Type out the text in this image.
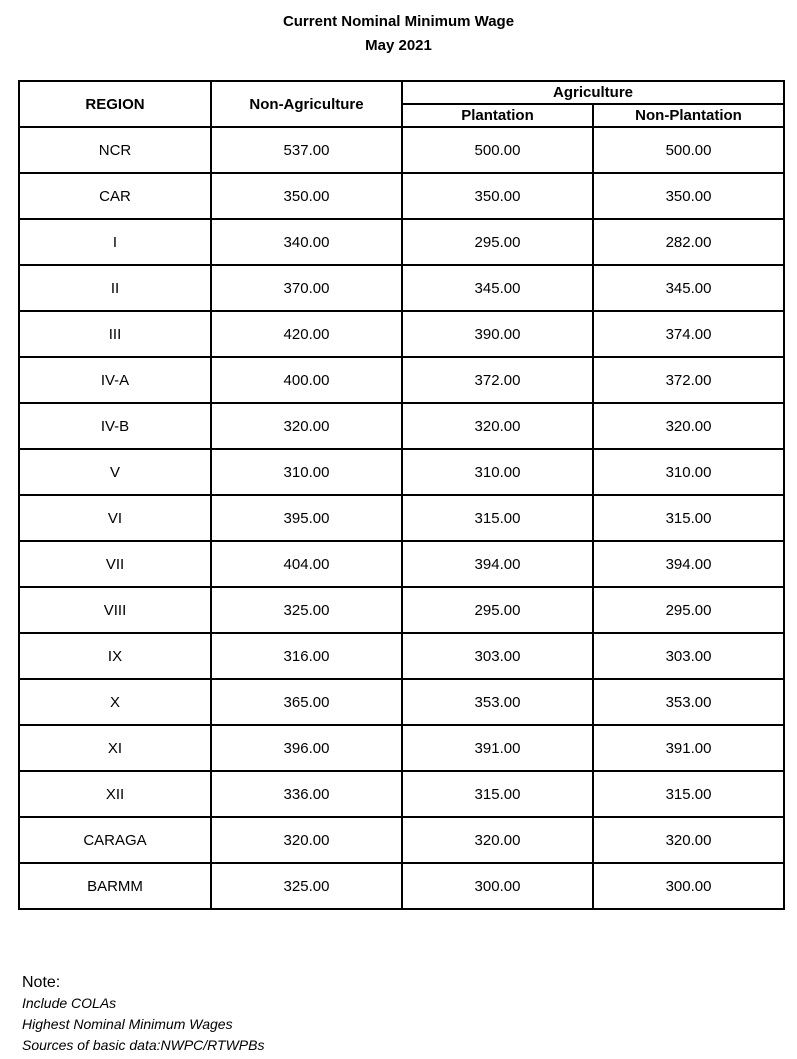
Current Nominal Minimum Wage
May 2021
REGION	Non-Agriculture	Agriculture	
		Plantation	Non-Plantation
NCR	537.00	500.00	500.00
CAR	350.00	350.00	350.00
I	340.00	295.00	282.00
II	370.00	345.00	345.00
III	420.00	390.00	374.00
IV-A	400.00	372.00	372.00
IV-B	320.00	320.00	320.00
V	310.00	310.00	310.00
VI	395.00	315.00	315.00
VII	404.00	394.00	394.00
VIII	325.00	295.00	295.00
IX	316.00	303.00	303.00
X	365.00	353.00	353.00
XI	396.00	391.00	391.00
XII	336.00	315.00	315.00
CARAGA	320.00	320.00	320.00
BARMM	325.00	300.00	300.00
Note:
Include COLAs
Highest Nominal Minimum Wages
Sources of basic data:NWPC/RTWPBs
